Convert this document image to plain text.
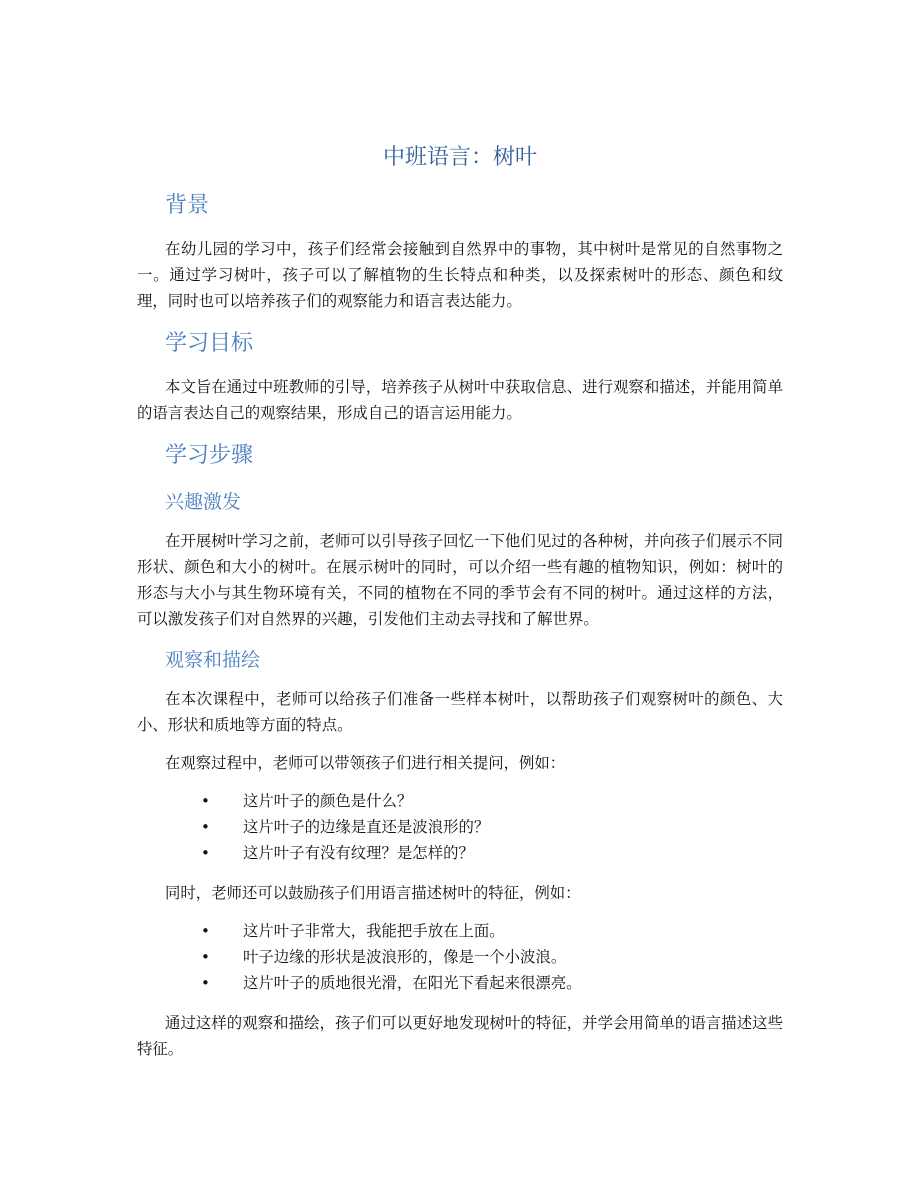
中班语言：树叶
背景

在幼儿园的学习中，孩子们经常会接触到自然界中的事物，其中树叶是常见的自然事物之一。通过学习树叶，孩子可以了解植物的生长特点和种类，以及探索树叶的形态、颜色和纹理，同时也可以培养孩子们的观察能力和语言表达能力。

学习目标

本文旨在通过中班教师的引导，培养孩子从树叶中获取信息、进行观察和描述，并能用简单的语言表达自己的观察结果，形成自己的语言运用能力。

学习步骤
兴趣激发

在开展树叶学习之前，老师可以引导孩子回忆一下他们见过的各种树，并向孩子们展示不同形状、颜色和大小的树叶。在展示树叶的同时，可以介绍一些有趣的植物知识，例如：树叶的形态与大小与其生物环境有关，不同的植物在不同的季节会有不同的树叶。通过这样的方法，可以激发孩子们对自然界的兴趣，引发他们主动去寻找和了解世界。

观察和描绘

在本次课程中，老师可以给孩子们准备一些样本树叶，以帮助孩子们观察树叶的颜色、大小、形状和质地等方面的特点。

在观察过程中，老师可以带领孩子们进行相关提问，例如：

• 这片叶子的颜色是什么？
• 这片叶子的边缘是直还是波浪形的？
• 这片叶子有没有纹理？是怎样的？

同时，老师还可以鼓励孩子们用语言描述树叶的特征，例如：

• 这片叶子非常大，我能把手放在上面。
• 叶子边缘的形状是波浪形的，像是一个小波浪。
• 这片叶子的质地很光滑，在阳光下看起来很漂亮。

通过这样的观察和描绘，孩子们可以更好地发现树叶的特征，并学会用简单的语言描述这些特征。
